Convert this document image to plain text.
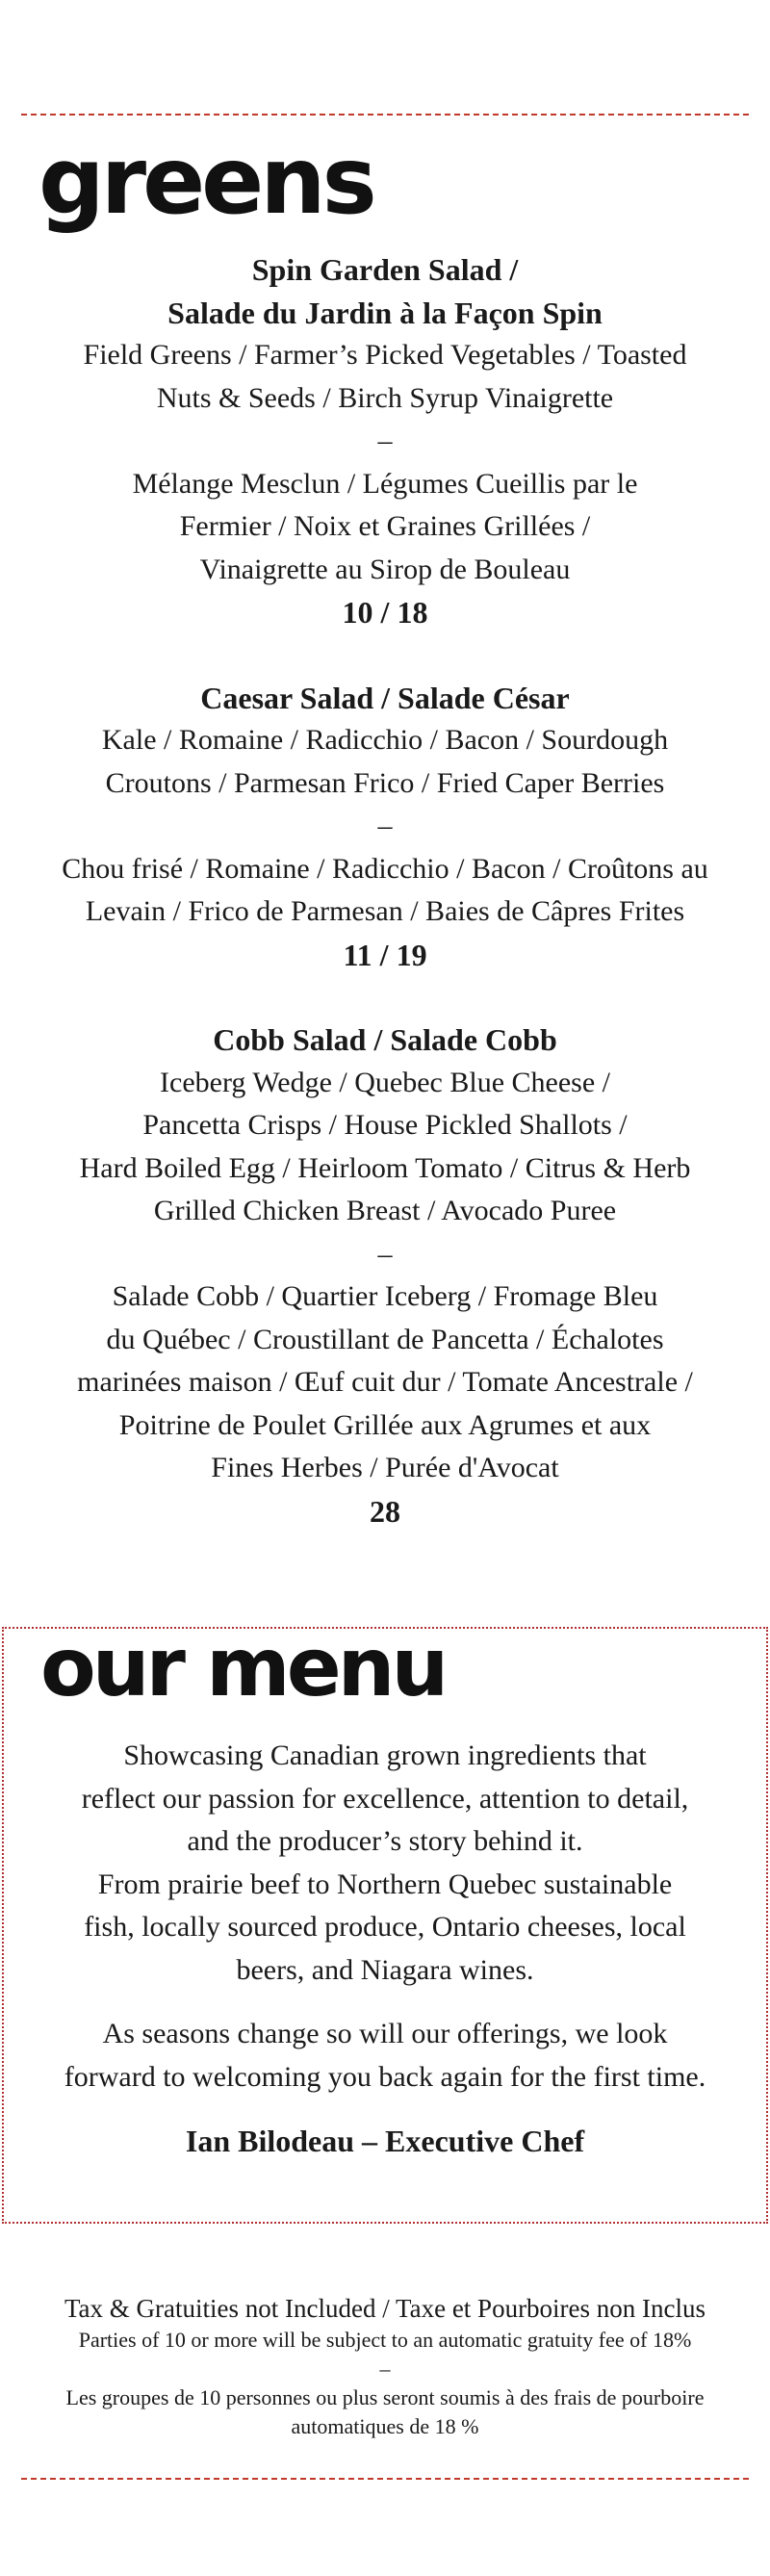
greens
Spin Garden Salad /
Salade du Jardin à la Façon Spin
Field Greens / Farmer’s Picked Vegetables / Toasted
Nuts & Seeds / Birch Syrup Vinaigrette
–
Mélange Mesclun / Légumes Cueillis par le
Fermier / Noix et Graines Grillées /
Vinaigrette au Sirop de Bouleau
10 / 18
Caesar Salad / Salade César
Kale / Romaine / Radicchio / Bacon / Sourdough
Croutons / Parmesan Frico / Fried Caper Berries
–
Chou frisé / Romaine / Radicchio / Bacon / Croûtons au
Levain / Frico de Parmesan / Baies de Câpres Frites
11 / 19
Cobb Salad / Salade Cobb
Iceberg Wedge / Quebec Blue Cheese /
Pancetta Crisps / House Pickled Shallots /
Hard Boiled Egg / Heirloom Tomato / Citrus & Herb
Grilled Chicken Breast / Avocado Puree
–
Salade Cobb / Quartier Iceberg / Fromage Bleu
du Québec / Croustillant de Pancetta / Échalotes
marinées maison / Œuf cuit dur / Tomate Ancestrale /
Poitrine de Poulet Grillée aux Agrumes et aux
Fines Herbes / Purée d'Avocat
28
our menu
Showcasing Canadian grown ingredients that
reflect our passion for excellence, attention to detail,
and the producer’s story behind it.
From prairie beef to Northern Quebec sustainable
fish, locally sourced produce, Ontario cheeses, local
beers, and Niagara wines.
As seasons change so will our offerings, we look
forward to welcoming you back again for the first time.
Ian Bilodeau – Executive Chef
Tax & Gratuities not Included / Taxe et Pourboires non Inclus
Parties of 10 or more will be subject to an automatic gratuity fee of 18%
–
Les groupes de 10 personnes ou plus seront soumis à des frais de pourboire
automatiques de 18 %
